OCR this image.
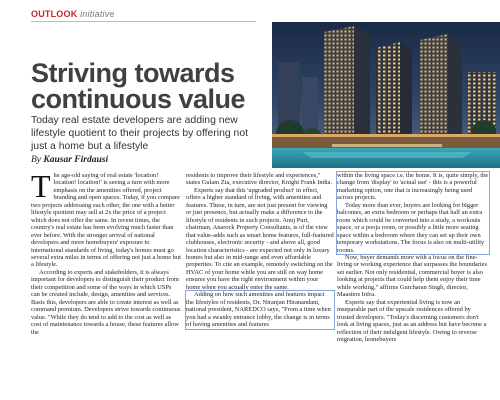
OUTLOOK initiative
Striving towards continuous value

Today real estate developers are adding new lifestyle quotient to their projects by offering not just a home but a lifestyle

By Kausar Firdausi

The age-old saying of real estate 'location! location! location!' is seeing a turn with more emphasis on the amenities offered, project branding and open spaces. Today, if you compare two projects addressing each other, the one with a better lifestyle quotient may sell at 2x the price of a project which does not offer the same. In recent times, the country's real estate has been evolving much faster than ever before. With the stronger arrival of national developers and more homebuyers' exposure to international standards of living, today's homes must go several extra miles in terms of offering not just a home but a lifestyle.

According to experts and stakeholders, it is always important for developers to distinguish their product from their competition and some of the ways in which USPs can be created include, design, amenities and services. Basis this, developers are able to create interest as well as command premium. Developers strive towards continuous value. "While they do tend to add to the cost as well as cost of maintenance towards a house, these features allow the

residents to improve their lifestyle and experiences," states Gulam Zia, executive director, Knight Frank India.

Experts say that this 'upgraded product' in effect, offers a higher standard of living, with amenities and features. These, in turn, are not just present for viewing or just presence, but actually make a difference to the lifestyle of residents in such projects. Anuj Puri, chairman, Anarock Property Consultants, is of the view that value-adds such as smart home features, full-featured clubhouses, electronic security - and above all, good location characteristics - are expected not only in luxury homes but also in mid-range and even affordable properties. To cite an example, remotely switching on the HVAC of your home while you are still on way home ensures you have the right environment within your home when you actually enter the same.

Adding on how such amenities and features impact the lifestyles of residents, Dr. Niranjan Hiranandani, national president, NAREDCO says, "From a time when you had a swanky entrance lobby, the change is in terms of having amenities and features

within the living space i.e. the home. It is, quite simply, the change from 'display' to 'actual use' - this is a powerful marketing option, one that is increasingly being used across projects.

Today more than ever, buyers are looking for bigger balconies, an extra bedroom or perhaps that half an extra room which could be converted into a study, a workouts space, or a pooja room, or possibly a little more seating space within a bedroom where they can set up their own temporary workstations. The focus is also on multi-utility rooms.

Now, buyer demands more with a focus on the fine-living or working experience that surpasses the boundaries set earlier. Not only residential, commercial buyer is also looking at projects that could help them enjoy their time while working," affirms Gurcharan Singh, director, Maasters Infra.

Experts say that experiential living is now an inseparable part of the upscale residences offered by trusted developers. "Today's discerning customers don't look at living spaces, just as an address but have become a reflection of their indulgent lifestyle. Owing to reverse migration, homebuyers
